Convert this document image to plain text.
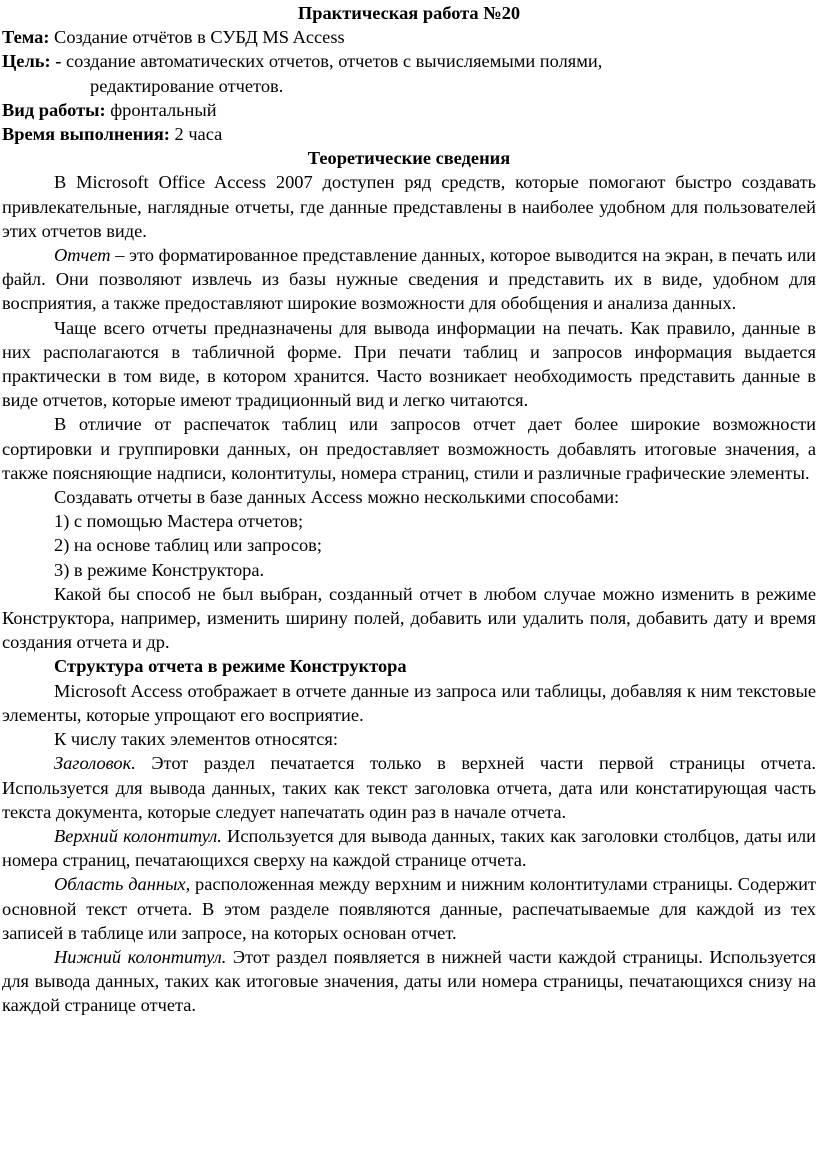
Практическая работа №20

Тема: Создание отчётов в СУБД MS Access

Цель: - создание автоматических отчетов, отчетов с вычисляемыми полями,

редактирование отчетов.

Вид работы: фронтальный

Время выполнения: 2 часа

Теоретические сведения

В Microsoft Office Access 2007 доступен ряд средств, которые помогают быстро создавать привлекательные, наглядные отчеты, где данные представлены в наиболее удобном для пользователей этих отчетов виде.

Отчет – это форматированное представление данных, которое выводится на экран, в печать или файл. Они позволяют извлечь из базы нужные сведения и представить их в виде, удобном для восприятия, а также предоставляют широкие возможности для обобщения и анализа данных.

Чаще всего отчеты предназначены для вывода информации на печать. Как правило, данные в них располагаются в табличной форме. При печати таблиц и запросов информация выдается практически в том виде, в котором хранится. Часто возникает необходимость представить данные в виде отчетов, которые имеют традиционный вид и легко читаются.

В отличие от распечаток таблиц или запросов отчет дает более широкие возможности сортировки и группировки данных, он предоставляет возможность добавлять итоговые значения, а также поясняющие надписи, колонтитулы, номера страниц, стили и различные графические элементы.

Создавать отчеты в базе данных Access можно несколькими способами:

1) с помощью Мастера отчетов;

2) на основе таблиц или запросов;

3) в режиме Конструктора.

Какой бы способ не был выбран, созданный отчет в любом случае можно изменить в режиме Конструктора, например, изменить ширину полей, добавить или удалить поля, добавить дату и время создания отчета и др.

Структура отчета в режиме Конструктора

Microsoft Access отображает в отчете данные из запроса или таблицы, добавляя к ним текстовые элементы, которые упрощают его восприятие.

К числу таких элементов относятся:

Заголовок. Этот раздел печатается только в верхней части первой страницы отчета. Используется для вывода данных, таких как текст заголовка отчета, дата или констатирующая часть текста документа, которые следует напечатать один раз в начале отчета.

Верхний колонтитул. Используется для вывода данных, таких как заголовки столбцов, даты или номера страниц, печатающихся сверху на каждой странице отчета.

Область данных, расположенная между верхним и нижним колонтитулами страницы. Содержит основной текст отчета. В этом разделе появляются данные, распечатываемые для каждой из тех записей в таблице или запросе, на которых основан отчет.

Нижний колонтитул. Этот раздел появляется в нижней части каждой страницы. Используется для вывода данных, таких как итоговые значения, даты или номера страницы, печатающихся снизу на каждой странице отчета.
